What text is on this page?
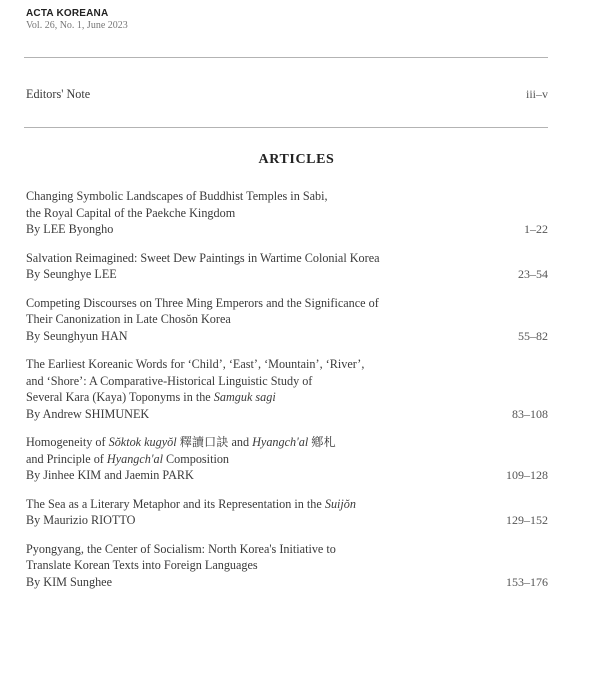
ACTA KOREANA
Vol. 26, No. 1, June 2023
Editors' Note	iii–v
ARTICLES
Changing Symbolic Landscapes of Buddhist Temples in Sabi,
the Royal Capital of the Paekche Kingdom
By LEE Byongho	1–22
Salvation Reimagined: Sweet Dew Paintings in Wartime Colonial Korea
By Seunghye LEE	23–54
Competing Discourses on Three Ming Emperors and the Significance of
Their Canonization in Late Chosŏn Korea
By Seunghyun HAN	55–82
The Earliest Koreanic Words for ‘Child’, ‘East’, ‘Mountain’, ‘River’,
and ‘Shore’: A Comparative-Historical Linguistic Study of
Several Kara (Kaya) Toponyms in the Samguk sagi
By Andrew SHIMUNEK	83–108
Homogeneity of Sŏktok kugyŏl 釋讀口訣 and Hyangch'al 鄕札
and Principle of Hyangch'al Composition
By Jinhee KIM and Jaemin PARK	109–128
The Sea as a Literary Metaphor and its Representation in the Suijŏn
By Maurizio RIOTTO	129–152
Pyongyang, the Center of Socialism: North Korea's Initiative to
Translate Korean Texts into Foreign Languages
By KIM Sunghee	153–176
